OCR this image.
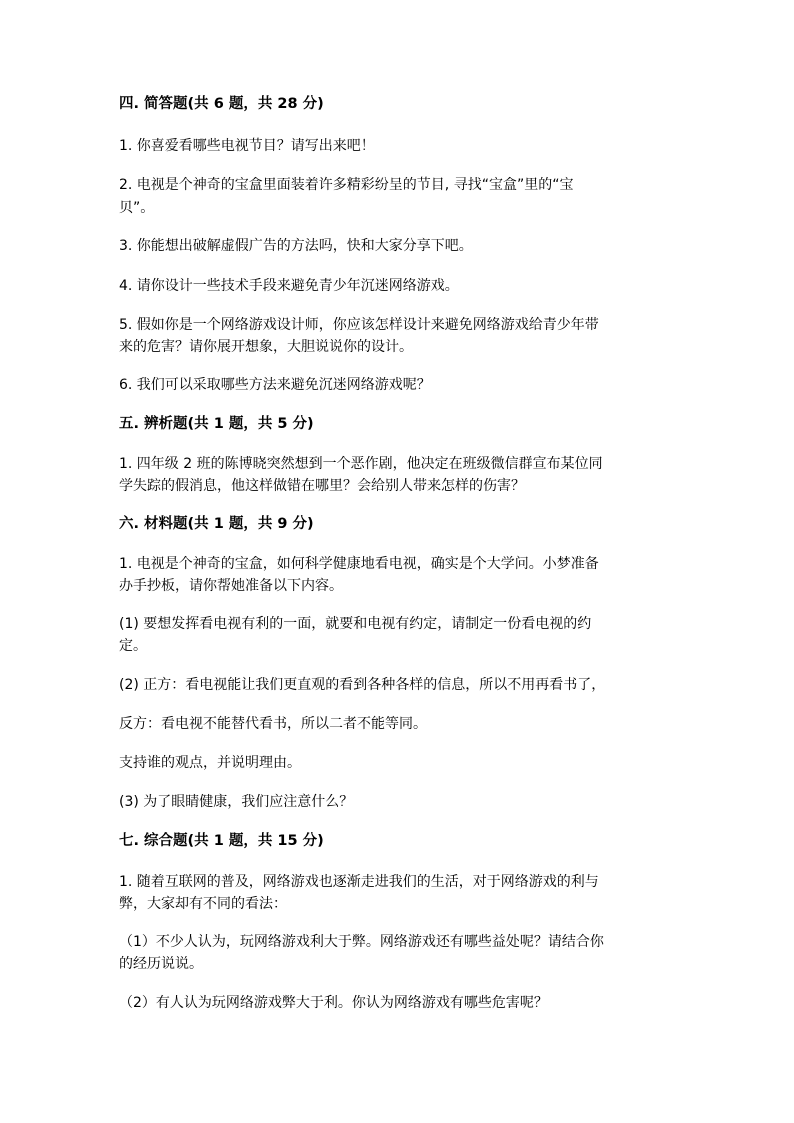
四. 简答题(共 6 题，共 28 分)
1. 你喜爱看哪些电视节目？请写出来吧！
2. 电视是个神奇的宝盒里面装着许多精彩纷呈的节目, 寻找“宝盒”里的“宝
贝”。
3. 你能想出破解虚假广告的方法吗，快和大家分享下吧。
4. 请你设计一些技术手段来避免青少年沉迷网络游戏。
5. 假如你是一个网络游戏设计师，你应该怎样设计来避免网络游戏给青少年带
来的危害？请你展开想象，大胆说说你的设计。
6. 我们可以采取哪些方法来避免沉迷网络游戏呢？
五. 辨析题(共 1 题，共 5 分)
1. 四年级 2 班的陈博晓突然想到一个恶作剧，他决定在班级微信群宣布某位同
学失踪的假消息，他这样做错在哪里？会给别人带来怎样的伤害？
六. 材料题(共 1 题，共 9 分)
1. 电视是个神奇的宝盒，如何科学健康地看电视，确实是个大学问。小梦准备
办手抄板，请你帮她准备以下内容。
(1) 要想发挥看电视有利的一面，就要和电视有约定，请制定一份看电视的约
定。
(2) 正方：看电视能让我们更直观的看到各种各样的信息，所以不用再看书了，
反方：看电视不能替代看书，所以二者不能等同。
支持谁的观点，并说明理由。
(3) 为了眼睛健康，我们应注意什么？
七. 综合题(共 1 题，共 15 分)
1. 随着互联网的普及，网络游戏也逐渐走进我们的生活，对于网络游戏的利与
弊，大家却有不同的看法：
（1）不少人认为，玩网络游戏利大于弊。网络游戏还有哪些益处呢？请结合你
的经历说说。
（2）有人认为玩网络游戏弊大于利。你认为网络游戏有哪些危害呢？
